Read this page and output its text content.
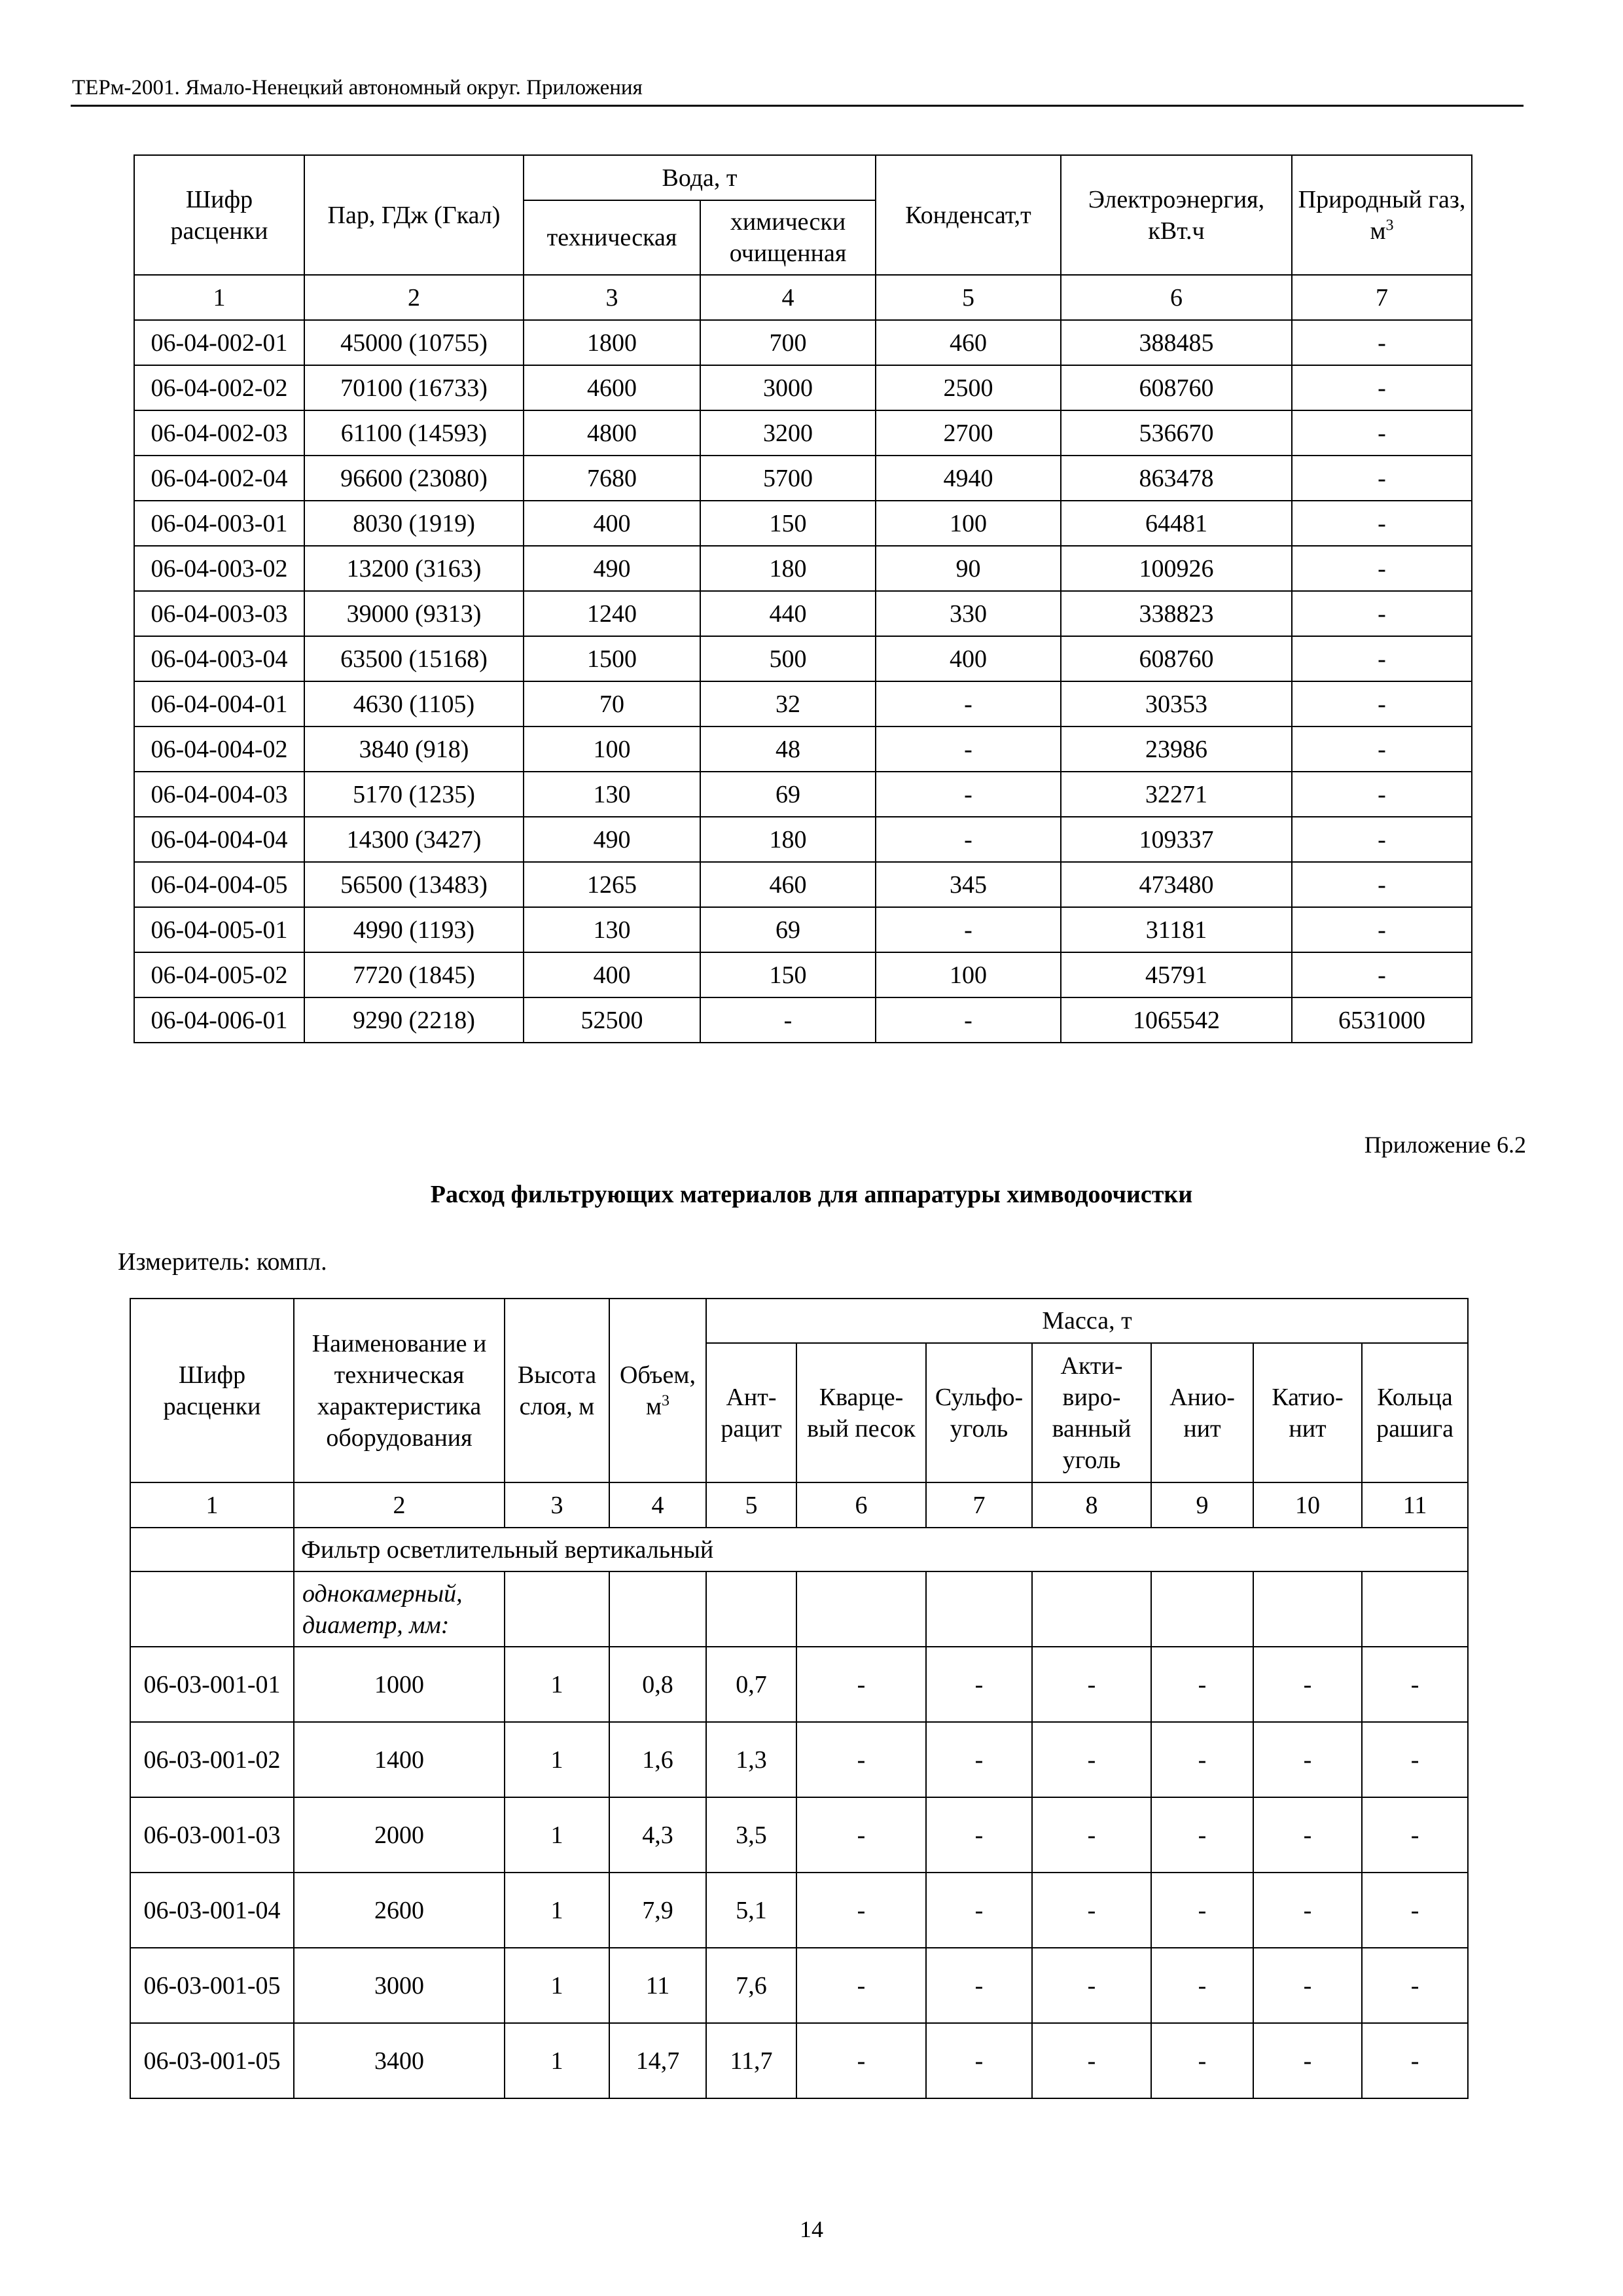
ТЕРм-2001. Ямало-Ненецкий автономный округ. Приложения
Шифр расценки	Пар, ГДж (Гкал)	Вода, т		Конденсат,т	Электроэнергия, кВт.ч	Природный газ, $м^3$
		техническая	химически очищенная			
1	2	3	4	5	6	7
06-04-002-01	45000 (10755)	1800	700	460	388485	-
06-04-002-02	70100 (16733)	4600	3000	2500	608760	-
06-04-002-03	61100 (14593)	4800	3200	2700	536670	-
06-04-002-04	96600 (23080)	7680	5700	4940	863478	-
06-04-003-01	8030 (1919)	400	150	100	64481	-
06-04-003-02	13200 (3163)	490	180	90	100926	-
06-04-003-03	39000 (9313)	1240	440	330	338823	-
06-04-003-04	63500 (15168)	1500	500	400	608760	-
06-04-004-01	4630 (1105)	70	32	-	30353	-
06-04-004-02	3840 (918)	100	48	-	23986	-
06-04-004-03	5170 (1235)	130	69	-	32271	-
06-04-004-04	14300 (3427)	490	180	-	109337	-
06-04-004-05	56500 (13483)	1265	460	345	473480	-
06-04-005-01	4990 (1193)	130	69	-	31181	-
06-04-005-02	7720 (1845)	400	150	100	45791	-
06-04-006-01	9290 (2218)	52500	-	-	1065542	6531000
Приложение 6.2
Расход фильтрующих материалов для аппаратуры химводоочистки
Измеритель: компл.
Шифр расценки	Наименование и техническая характеристика оборудования	Высота слоя, м	Объем, $м^3$	Масса, т						
				Ант-рацит	Кварце-вый песок	Сульфо-уголь	Акти-виро-ванный уголь	Анио-нит	Катио-нит	Кольца рашига
1	2	3	4	5	6	7	8	9	10	11
	Фильтр осветлительный вертикальный									
	однокамерный, диаметр, мм:									
06-03-001-01	1000	1	0,8	0,7	-	-	-	-	-	-
06-03-001-02	1400	1	1,6	1,3	-	-	-	-	-	-
06-03-001-03	2000	1	4,3	3,5	-	-	-	-	-	-
06-03-001-04	2600	1	7,9	5,1	-	-	-	-	-	-
06-03-001-05	3000	1	11	7,6	-	-	-	-	-	-
06-03-001-05	3400	1	14,7	11,7	-	-	-	-	-	-
14
